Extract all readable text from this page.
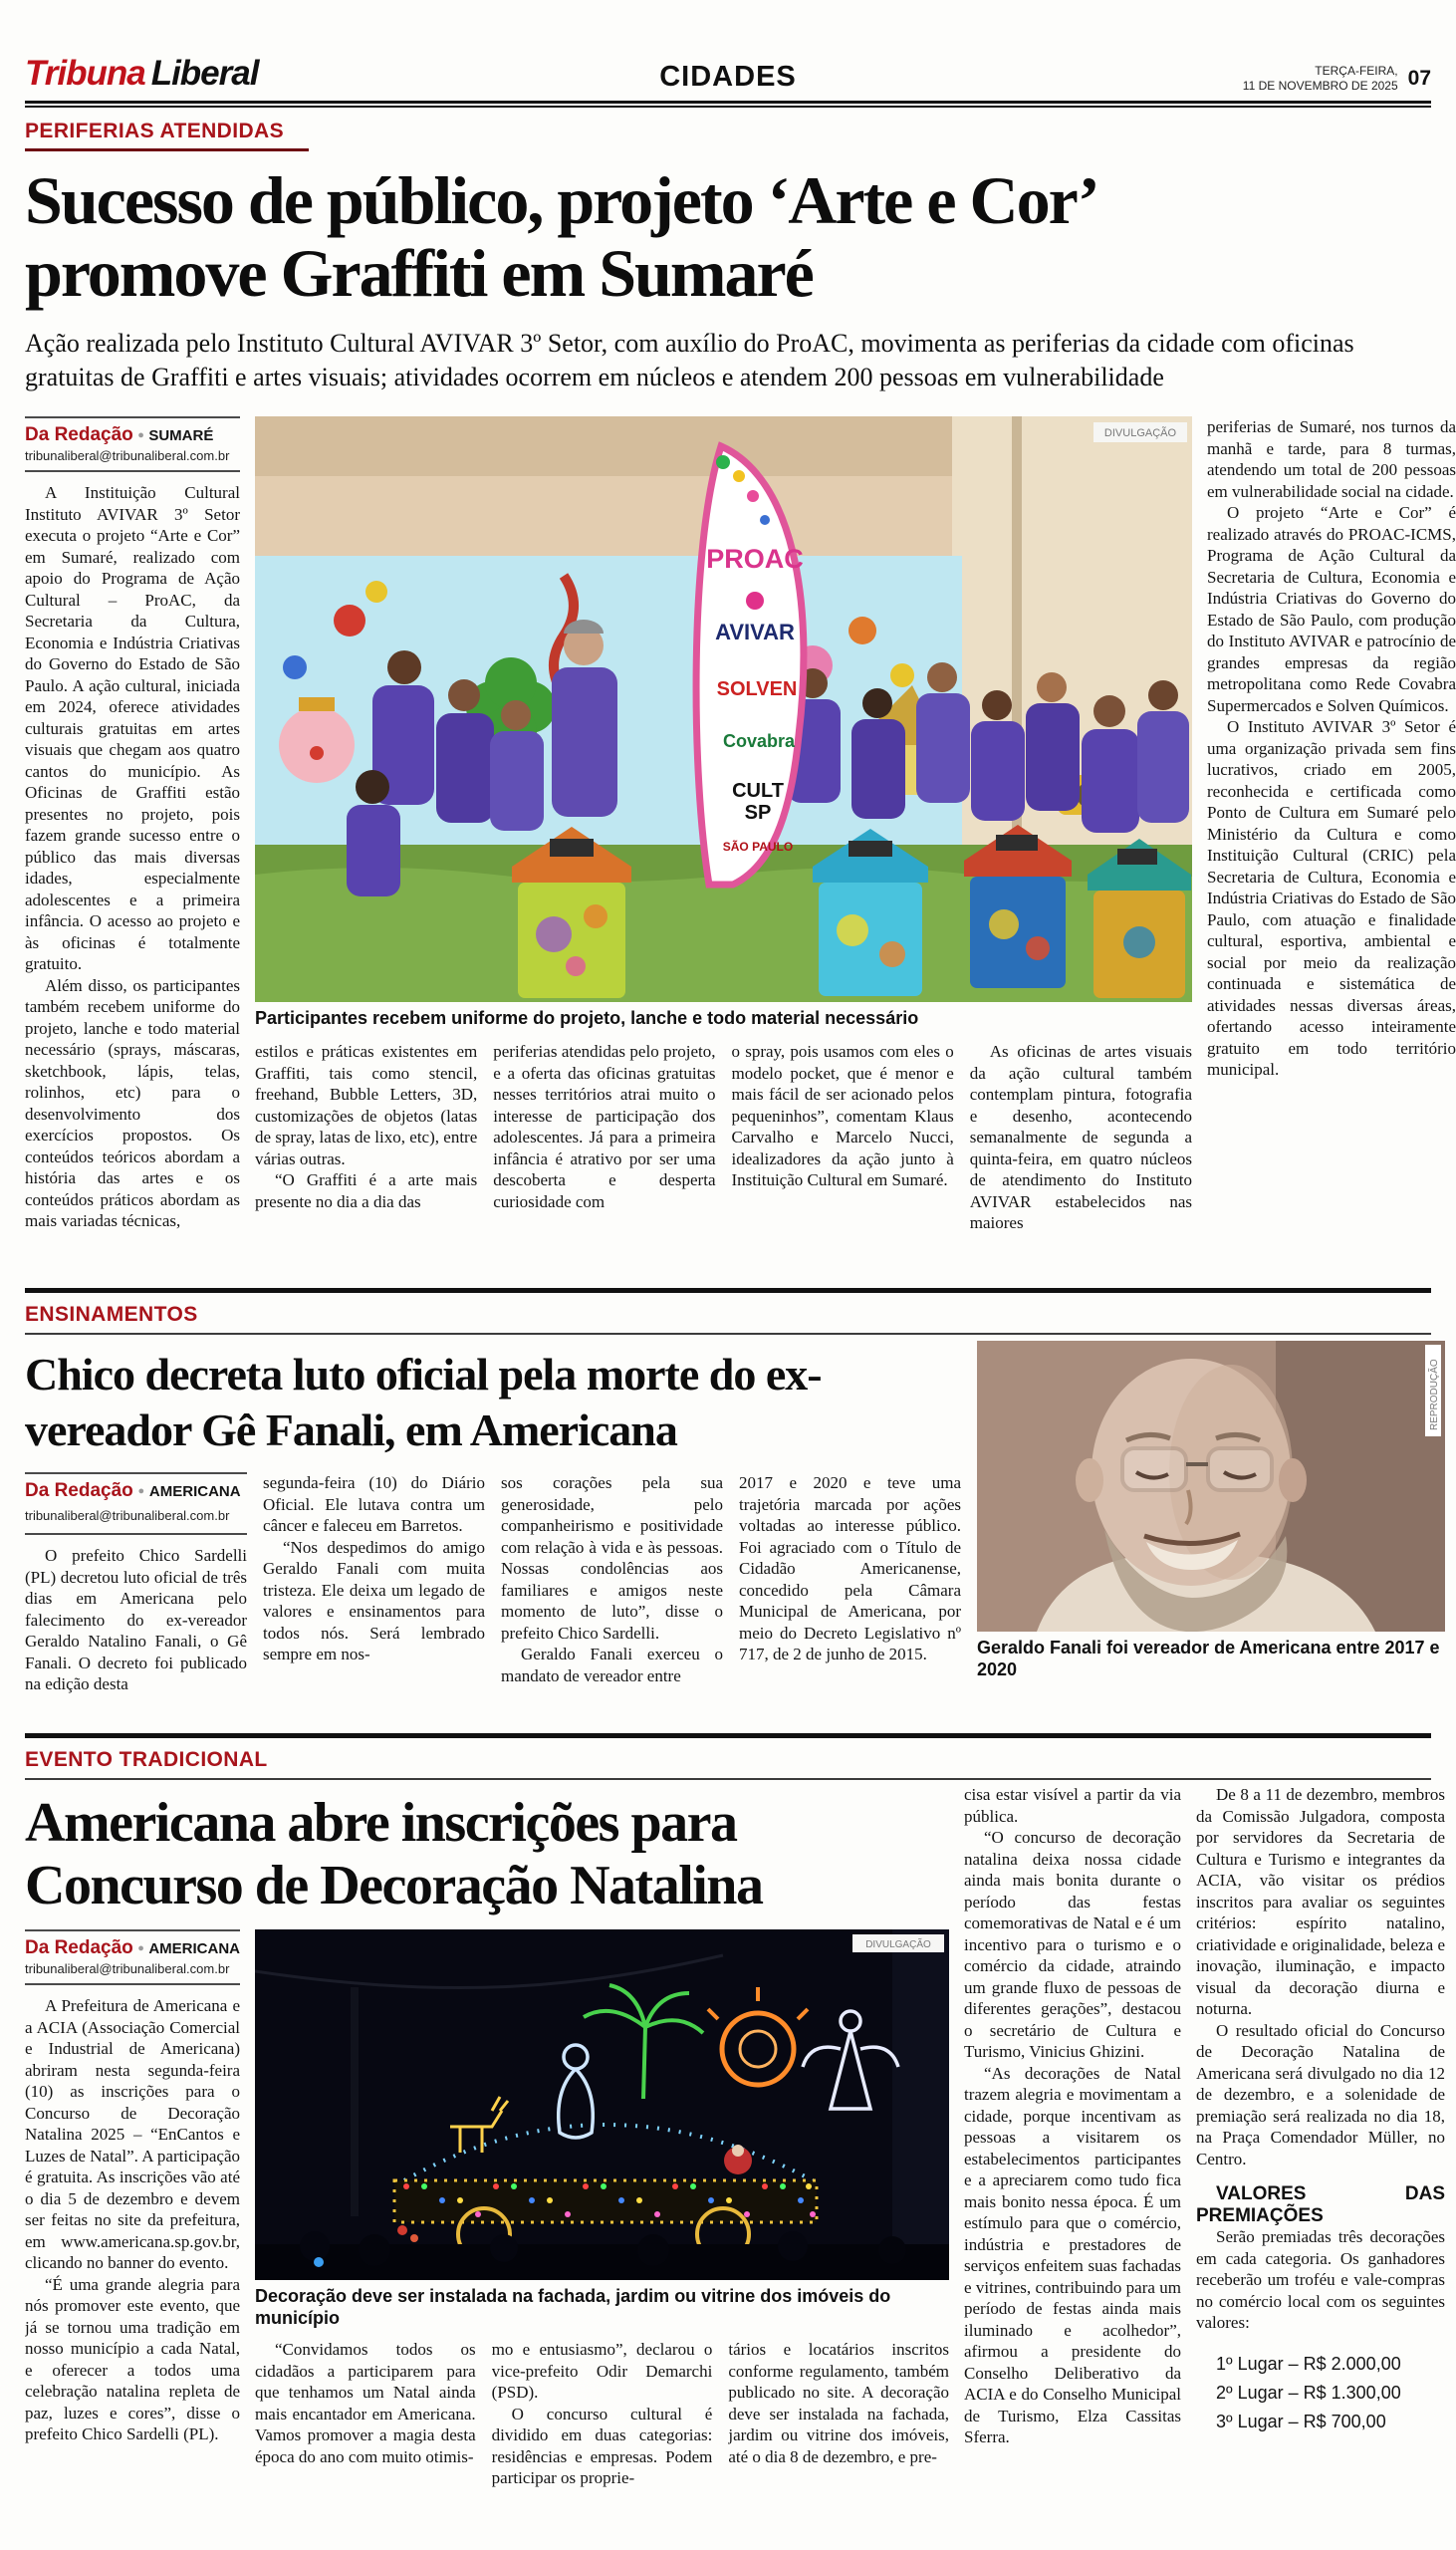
Tribuna Liberal	CIDADES	TERÇA-FEIRA,
11 DE NOVEMBRO DE 2025 07
PERIFERIAS ATENDIDAS
Sucesso de público, projeto ‘Arte e Cor’ promove Graffiti em Sumaré
Ação realizada pelo Instituto Cultural AVIVAR 3º Setor, com auxílio do ProAC, movimenta as periferias da cidade com oficinas gratuitas de Graffiti e artes visuais; atividades ocorrem em núcleos e atendem 200 pessoas em vulnerabilidade
Da Redação ● SUMARÉ
tribunaliberal@tribunaliberal.com.br

A Instituição Cultural Instituto AVIVAR 3º Setor executa o projeto “Arte e Cor” em Sumaré, realizado com apoio do Programa de Ação Cultural – ProAC, da Secretaria da Cultura, Economia e Indústria Criativas do Governo do Estado de São Paulo. A ação cultural, iniciada em 2024, oferece atividades culturais gratuitas em artes visuais que chegam aos quatro cantos do município. As Oficinas de Graffiti estão presentes no projeto, pois fazem grande sucesso entre o público das mais diversas idades, especialmente adolescentes e a primeira infância. O acesso ao projeto e às oficinas é totalmente gratuito.

Além disso, os participantes também recebem uniforme do projeto, lanche e todo material necessário (sprays, máscaras, sketchbook, lápis, telas, rolinhos, etc) para o desenvolvimento dos exercícios propostos. Os conteúdos teóricos abordam a história das artes e os conteúdos práticos abordam as mais variadas técnicas,

PROAC
AVIVAR
SOLVEN
Covabra
CULT
SP
SÃO PAULO
DIVULGAÇÃO
Participantes recebem uniforme do projeto, lanche e todo material necessário

estilos e práticas existentes em Graffiti, tais como stencil, freehand, Bubble Letters, 3D, customizações de objetos (latas de spray, latas de lixo, etc), entre várias outras.

“O Graffiti é a arte mais presente no dia a dia das

periferias atendidas pelo projeto, e a oferta das oficinas gratuitas nesses territórios atrai muito o interesse de participação dos adolescentes. Já para a primeira infância é atrativo por ser uma descoberta e desperta curiosidade com

o spray, pois usamos com eles o modelo pocket, que é menor e mais fácil de ser acionado pelos pequeninhos”, comentam Klaus Carvalho e Marcelo Nucci, idealizadores da ação junto à Instituição Cultural em Sumaré.

As oficinas de artes visuais da ação cultural também contemplam pintura, fotografia e desenho, acontecendo semanalmente de segunda a quinta-feira, em quatro núcleos de atendimento do Instituto AVIVAR estabelecidos nas maiores

periferias de Sumaré, nos turnos da manhã e tarde, para 8 turmas, atendendo um total de 200 pessoas em vulnerabilidade social na cidade.

O projeto “Arte e Cor” é realizado através do PROAC-ICMS, Programa de Ação Cultural da Secretaria de Cultura, Economia e Indústria Criativas do Governo do Estado de São Paulo, com produção do Instituto AVIVAR e patrocínio de grandes empresas da região metropolitana como Rede Covabra Supermercados e Solven Químicos.

O Instituto AVIVAR 3º Setor é uma organização privada sem fins lucrativos, criado em 2005, reconhecida e certificada como Ponto de Cultura em Sumaré pelo Ministério da Cultura e como Instituição Cultural (CRIC) pela Secretaria de Cultura, Economia e Indústria Criativas do Estado de São Paulo, com atuação e finalidade cultural, esportiva, ambiental e social por meio da realização continuada e sistemática de atividades nessas diversas áreas, ofertando acesso inteiramente gratuito em todo território municipal.

ENSINAMENTOS
Chico decreta luto oficial pela morte do ex-vereador Gê Fanali, em Americana
Da Redação ● AMERICANA
tribunaliberal@tribunaliberal.com.br

O prefeito Chico Sardelli (PL) decretou luto oficial de três dias em Americana pelo falecimento do ex-vereador Geraldo Natalino Fanali, o Gê Fanali. O decreto foi publicado na edição desta

segunda-feira (10) do Diário Oficial. Ele lutava contra um câncer e faleceu em Barretos.

“Nos despedimos do amigo Geraldo Fanali com muita tristeza. Ele deixa um legado de valores e ensinamentos para todos nós. Será lembrado sempre em nos-

sos corações pela sua generosidade, pelo companheirismo e positividade com relação à vida e às pessoas. Nossas condolências aos familiares e amigos neste momento de luto”, disse o prefeito Chico Sardelli.

Geraldo Fanali exerceu o mandato de vereador entre

2017 e 2020 e teve uma trajetória marcada por ações voltadas ao interesse público. Foi agraciado com o Título de Cidadão Americanense, concedido pela Câmara Municipal de Americana, por meio do Decreto Legislativo nº 717, de 2 de junho de 2015.

REPRODUÇÃO
Geraldo Fanali foi vereador de Americana entre 2017 e 2020
EVENTO TRADICIONAL
Americana abre inscrições para Concurso de Decoração Natalina
Da Redação ● AMERICANA
tribunaliberal@tribunaliberal.com.br

A Prefeitura de Americana e a ACIA (Associação Comercial e Industrial de Americana) abriram nesta segunda-feira (10) as inscrições para o Concurso de Decoração Natalina 2025 – “EnCantos e Luzes de Natal”. A participação é gratuita. As inscrições vão até o dia 5 de dezembro e devem ser feitas no site da prefeitura, em www.americana.sp.gov.br, clicando no banner do evento.

“É uma grande alegria para nós promover este evento, que já se tornou uma tradição em nosso município a cada Natal, e oferecer a todos uma celebração natalina repleta de paz, luzes e cores”, disse o prefeito Chico Sardelli (PL).

DIVULGAÇÃO
Decoração deve ser instalada na fachada, jardim ou vitrine dos imóveis do município

“Convidamos todos os cidadãos a participarem para que tenhamos um Natal ainda mais encantador em Americana. Vamos promover a magia desta época do ano com muito otimis-

mo e entusiasmo”, declarou o vice-prefeito Odir Demarchi (PSD).

O concurso cultural é dividido em duas categorias: residências e empresas. Podem participar os proprie-

tários e locatários inscritos conforme regulamento, também publicado no site. A decoração deve ser instalada na fachada, jardim ou vitrine dos imóveis, até o dia 8 de dezembro, e pre-

cisa estar visível a partir da via pública.

“O concurso de decoração natalina deixa nossa cidade ainda mais bonita durante o período das festas comemorativas de Natal e é um incentivo para o turismo e o comércio da cidade, atraindo um grande fluxo de pessoas de diferentes gerações”, destacou o secretário de Cultura e Turismo, Vinicius Ghizini.

“As decorações de Natal trazem alegria e movimentam a cidade, porque incentivam as pessoas a visitarem os estabelecimentos participantes e a apreciarem como tudo fica mais bonito nessa época. É um estímulo para que o comércio, indústria e prestadores de serviços enfeitem suas fachadas e vitrines, contribuindo para um período de festas ainda mais iluminado e acolhedor”, afirmou a presidente do Conselho Deliberativo da ACIA e do Conselho Municipal de Turismo, Elza Cassitas Sferra.

De 8 a 11 de dezembro, membros da Comissão Julgadora, composta por servidores da Secretaria de Cultura e Turismo e integrantes da ACIA, vão visitar os prédios inscritos para avaliar os seguintes critérios: espírito natalino, criatividade e originalidade, beleza e inovação, iluminação, e impacto visual da decoração diurna e noturna.

O resultado oficial do Concurso de Decoração Natalina de Americana será divulgado no dia 12 de dezembro, e a solenidade de premiação será realizada no dia 18, na Praça Comendador Müller, no Centro.

VALORES DAS PREMIAÇÕES

Serão premiadas três decorações em cada categoria. Os ganhadores receberão um troféu e vale-compras no comércio local com os seguintes valores:

1º Lugar – R$ 2.000,00
2º Lugar – R$ 1.300,00
3º Lugar – R$ 700,00
